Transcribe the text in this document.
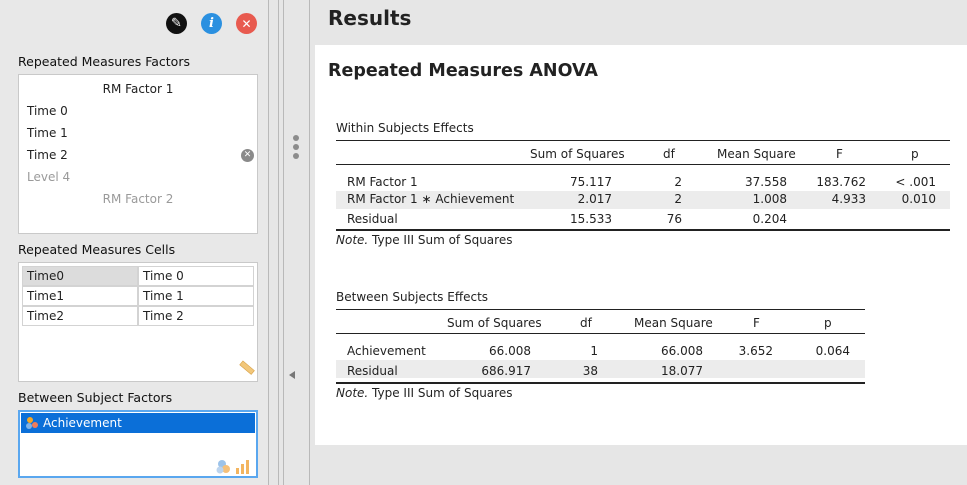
✎	i	✕
Repeated Measures Factors
RM Factor 1
Time 0
Time 1
Time 2	✕
Level 4
RM Factor 2
Repeated Measures Cells
Time0	Time 0
Time1	Time 1
Time2	Time 2
Between Subject Factors
Achievement
Results
Repeated Measures ANOVA
Within Subjects Effects
Sum of Squares	df	Mean Square	F	p
RM Factor 1	75.117	2	37.558 183.762 < .001
RM Factor 1 ∗ Achievement	2.017	2	1.008	4.933	0.010
Residual	15.533	76	0.204
Note. Type III Sum of Squares
Between Subjects Effects
Sum of Squares	df	Mean Square	F	p
Achievement	66.008	1	66.008	3.652	0.064
Residual	686.917	38	18.077
Note. Type III Sum of Squares
